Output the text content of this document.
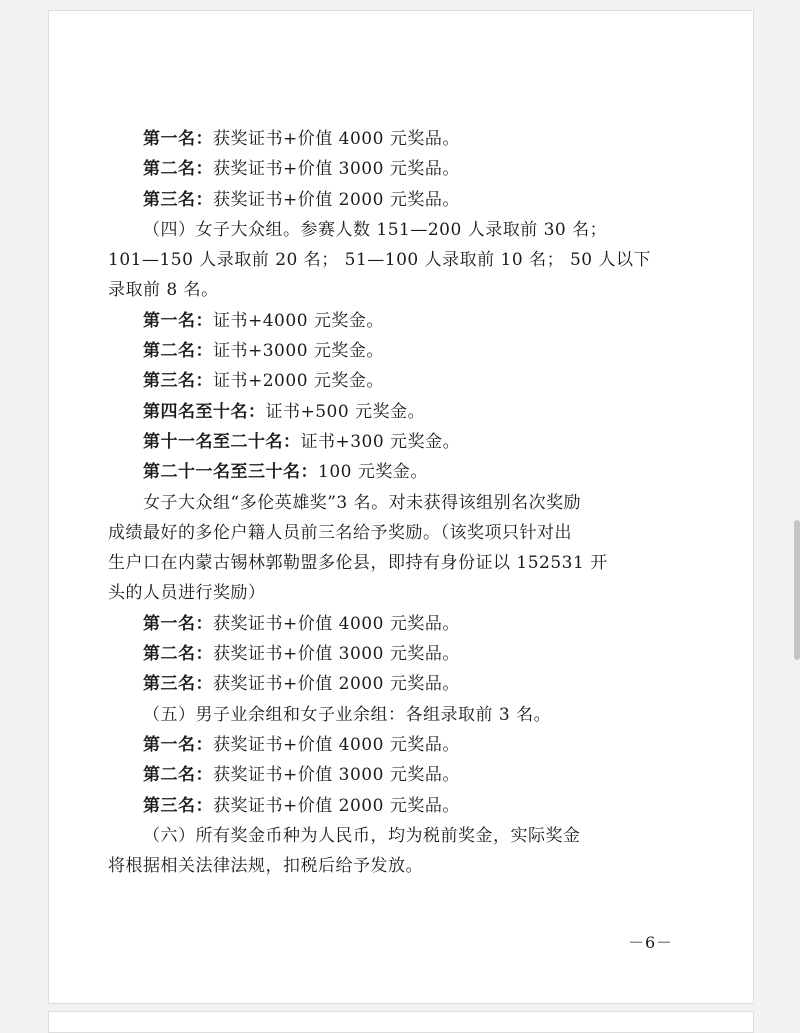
第一名：获奖证书+价值 4000 元奖品。
第二名：获奖证书+价值 3000 元奖品。
第三名：获奖证书+价值 2000 元奖品。
（四）女子大众组。参赛人数 151—200 人录取前 30 名；
101—150 人录取前 20 名； 51—100 人录取前 10 名； 50 人以下
录取前 8 名。
第一名：证书+4000 元奖金。
第二名：证书+3000 元奖金。
第三名：证书+2000 元奖金。
第四名至十名：证书+500 元奖金。
第十一名至二十名：证书+300 元奖金。
第二十一名至三十名：100 元奖金。
女子大众组“多伦英雄奖”3 名。对未获得该组别名次奖励
成绩最好的多伦户籍人员前三名给予奖励。（该奖项只针对出
生户口在内蒙古锡林郭勒盟多伦县，即持有身份证以 152531 开
头的人员进行奖励）
第一名：获奖证书+价值 4000 元奖品。
第二名：获奖证书+价值 3000 元奖品。
第三名：获奖证书+价值 2000 元奖品。
（五）男子业余组和女子业余组：各组录取前 3 名。
第一名：获奖证书+价值 4000 元奖品。
第二名：获奖证书+价值 3000 元奖品。
第三名：获奖证书+价值 2000 元奖品。
（六）所有奖金币种为人民币，均为税前奖金，实际奖金
将根据相关法律法规，扣税后给予发放。
－6－
